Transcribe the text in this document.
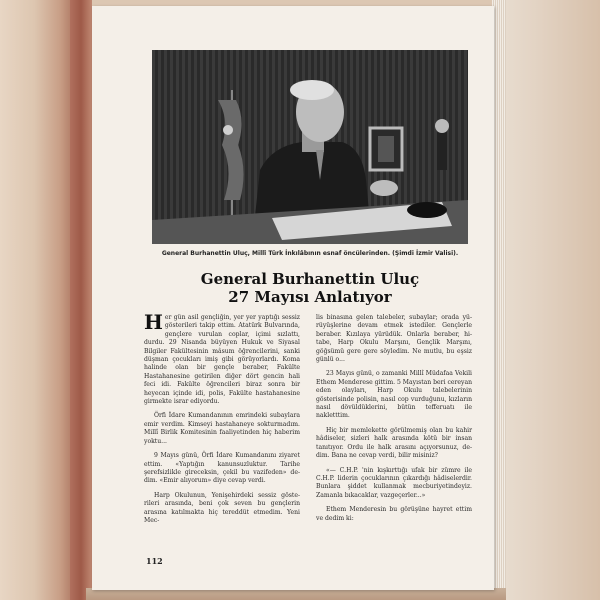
General Burhanettin Uluç, Millî Türk İnkılâbının esnaf öncülerinden. (Şimdi İzmir Valisi).
General Burhanettin Uluç
27 Mayısı Anlatıyor

Her gün asil gençliğin, yer yer yaptığı sessiz gösterileri takip ettim. Atatürk Bulvarında, gençlere vurulan coplar, içimi sızlattı, durdu. 29 Nisanda büyüyen Hukuk ve Siyasal Bilgiler Fakültesinin mâsum öğrencilerini, sanki düşman çocukları imiş gibi görüyorlardı. Koma halinde olan bir gençle beraber, Fakülte Hastahanesine getirilen diğer dört gencin hali feci idi. Fakülte öğrencileri biraz sonra bir heyecan içinde idi, polis, Fakülte hastahanesine girmekte israr ediyordu.

Örfi İdare Kumandanının emrindeki subaylara emir verdim. Kimseyi hastahaneye sokturmadım. Millî Birlik Komitesinin faaliyetinden hiç haberim yoktu...

9 Mayıs günü, Örfi İdare Kumandanını ziyaret ettim. «Yaptığın kanunsuzluktur. Tarihe şerefsizlikle gireceksin, çekil bu vazifeden» dedim. «Emir alıyorum» diye cevap verdi.

Harp Okulunun, Yenişehirdeki sessiz gösterileri arasında, beni çok seven bu gençlerin arasına katılmakta hiç tereddüt etmedim. Yeni Mec-

lis binasına gelen talebeler, subaylar; orada yürüyüşlerine devam etmek istediler. Gençlerle beraber. Kızılaya yürüdük. Onlarla beraber, hitabe, Harp Okulu Marşını, Gençlik Marşını, göğsümü gere gere söyledim. Ne mutlu, bu eşsiz günlü o...

23 Mayıs günü, o zamanki Millî Müdafaa Vekili Ethem Menderese gittim. 5 Mayıstan beri cereyan eden olayları, Harp Okulu talebelerinin gösterisinde polisin, nasıl cop vurduğunu, kızların nasıl dövüldüklerini, bütün tefferuatı ile nakletttim.

Hiç bir memlekette görülmemiş olan bu kahir hâdiseler, sizleri halk arasında kötü bir insan tanıtıyor. Ordu ile halk arasını açıyorsunuz, dedim. Bana ne cevap verdi, bilir misiniz?

«— C.H.P. 'nin kışkırttığı ufak bir zümre ile C.H.P. liderin çocuklarının çıkardığı hâdiselerdir. Bunlara şiddet kullanmak mecburiyetindeyiz. Zamanla bıkacaklar, vazgeçerler...»

Ethem Menderesin bu görüşüne hayret ettim ve dedim ki:

112
